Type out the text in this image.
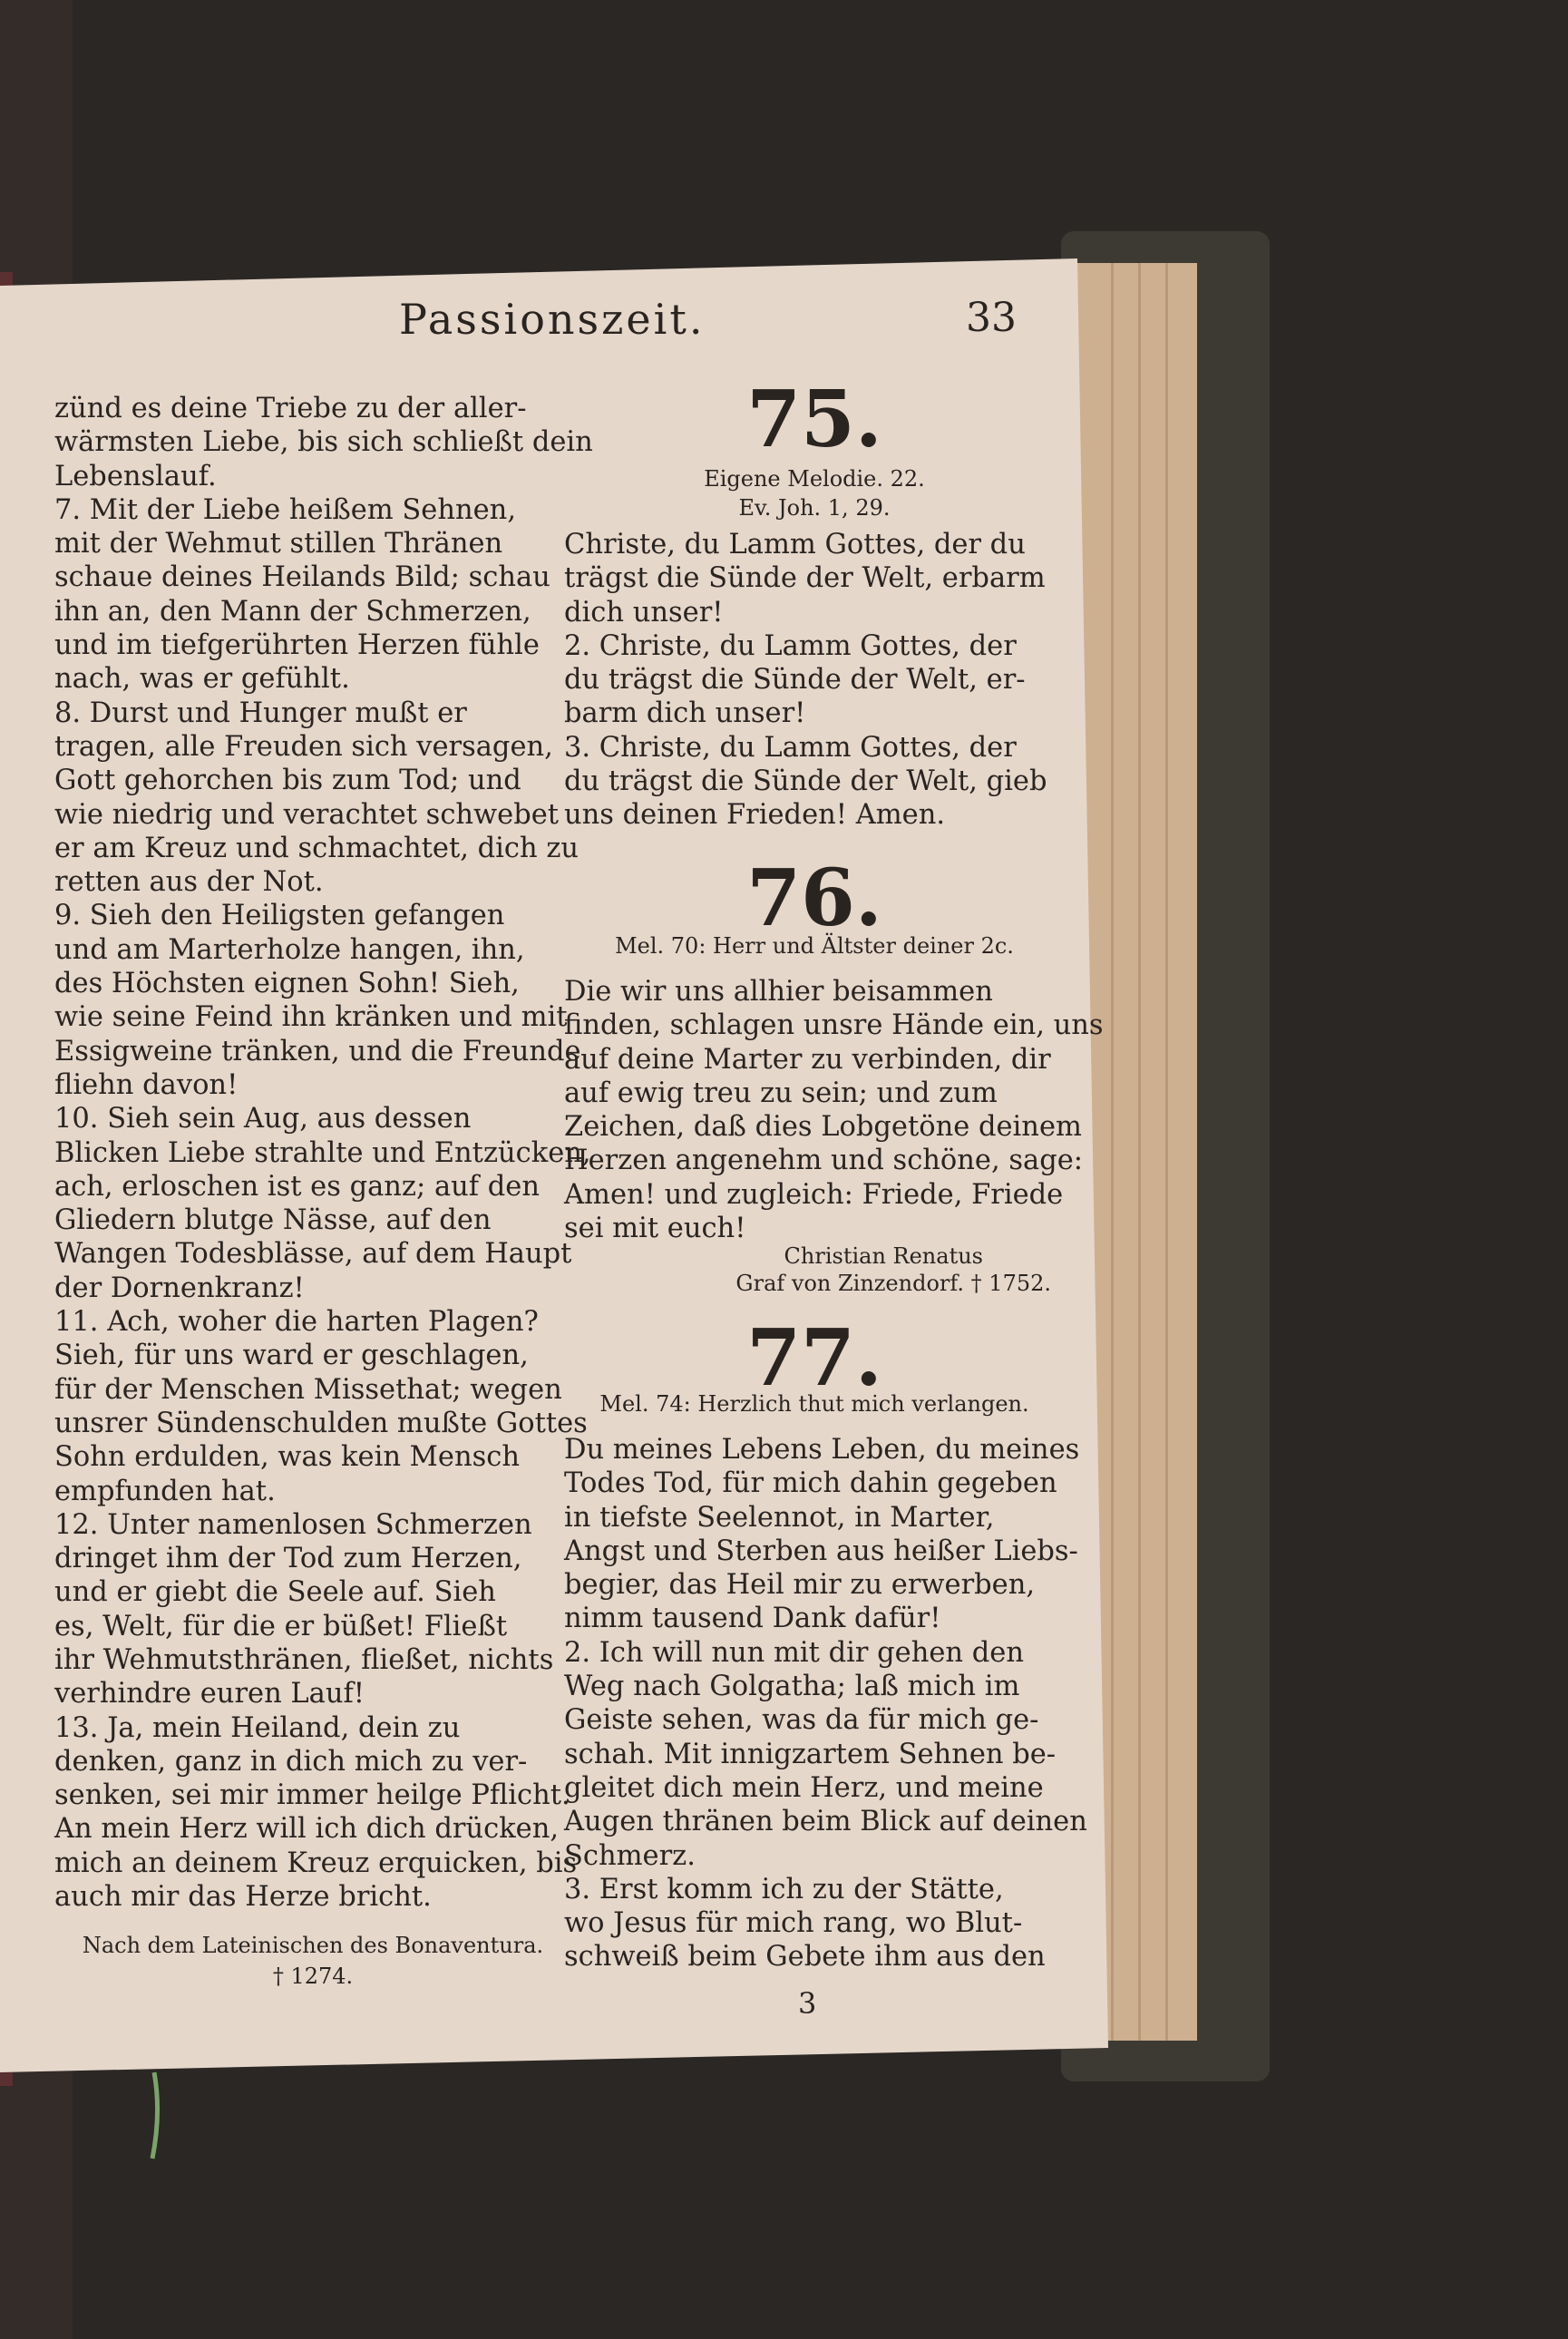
Passionszeit.	33
zünd es deine Triebe zu der aller-
wärmsten Liebe, bis sich schließt dein
Lebenslauf.
7. Mit der Liebe heißem Sehnen,
mit der Wehmut stillen Thränen
schaue deines Heilands Bild; schau
ihn an, den Mann der Schmerzen,
und im tiefgerührten Herzen fühle
nach, was er gefühlt.
8. Durst und Hunger mußt er
tragen, alle Freuden sich versagen,
Gott gehorchen bis zum Tod; und
wie niedrig und verachtet schwebet
er am Kreuz und schmachtet, dich zu
retten aus der Not.
9. Sieh den Heiligsten gefangen
und am Marterholze hangen, ihn,
des Höchsten eignen Sohn! Sieh,
wie seine Feind ihn kränken und mit
Essigweine tränken, und die Freunde
fliehn davon!
10. Sieh sein Aug, aus dessen
Blicken Liebe strahlte und Entzücken,
ach, erloschen ist es ganz; auf den
Gliedern blutge Nässe, auf den
Wangen Todesblässe, auf dem Haupt
der Dornenkranz!
11. Ach, woher die harten Plagen?
Sieh, für uns ward er geschlagen,
für der Menschen Missethat; wegen
unsrer Sündenschulden mußte Gottes
Sohn erdulden, was kein Mensch
empfunden hat.
12. Unter namenlosen Schmerzen
dringet ihm der Tod zum Herzen,
und er giebt die Seele auf. Sieh
es, Welt, für die er büßet! Fließt
ihr Wehmutsthränen, fließet, nichts
verhindre euren Lauf!
13. Ja, mein Heiland, dein zu
denken, ganz in dich mich zu ver-
senken, sei mir immer heilge Pflicht.
An mein Herz will ich dich drücken,
mich an deinem Kreuz erquicken, bis
auch mir das Herze bricht.
Nach dem Lateinischen des Bonaventura.
† 1274.
75.
Eigene Melodie. 22.
Ev. Joh. 1, 29.
Christe, du Lamm Gottes, der du
trägst die Sünde der Welt, erbarm
dich unser!
2. Christe, du Lamm Gottes, der
du trägst die Sünde der Welt, er-
barm dich unser!
3. Christe, du Lamm Gottes, der
du trägst die Sünde der Welt, gieb
uns deinen Frieden! Amen.
76.
Mel. 70: Herr und Ältster deiner 2c.
Die wir uns allhier beisammen
finden, schlagen unsre Hände ein, uns
auf deine Marter zu verbinden, dir
auf ewig treu zu sein; und zum
Zeichen, daß dies Lobgetöne deinem
Herzen angenehm und schöne, sage:
Amen! und zugleich: Friede, Friede
sei mit euch!
Christian Renatus
Graf von Zinzendorf. † 1752.
77.
Mel. 74: Herzlich thut mich verlangen.
Du meines Lebens Leben, du meines
Todes Tod, für mich dahin gegeben
in tiefste Seelennot, in Marter,
Angst und Sterben aus heißer Liebs-
begier, das Heil mir zu erwerben,
nimm tausend Dank dafür!
2. Ich will nun mit dir gehen den
Weg nach Golgatha; laß mich im
Geiste sehen, was da für mich ge-
schah. Mit innigzartem Sehnen be-
gleitet dich mein Herz, und meine
Augen thränen beim Blick auf deinen
Schmerz.
3. Erst komm ich zu der Stätte,
wo Jesus für mich rang, wo Blut-
schweiß beim Gebete ihm aus den
3
